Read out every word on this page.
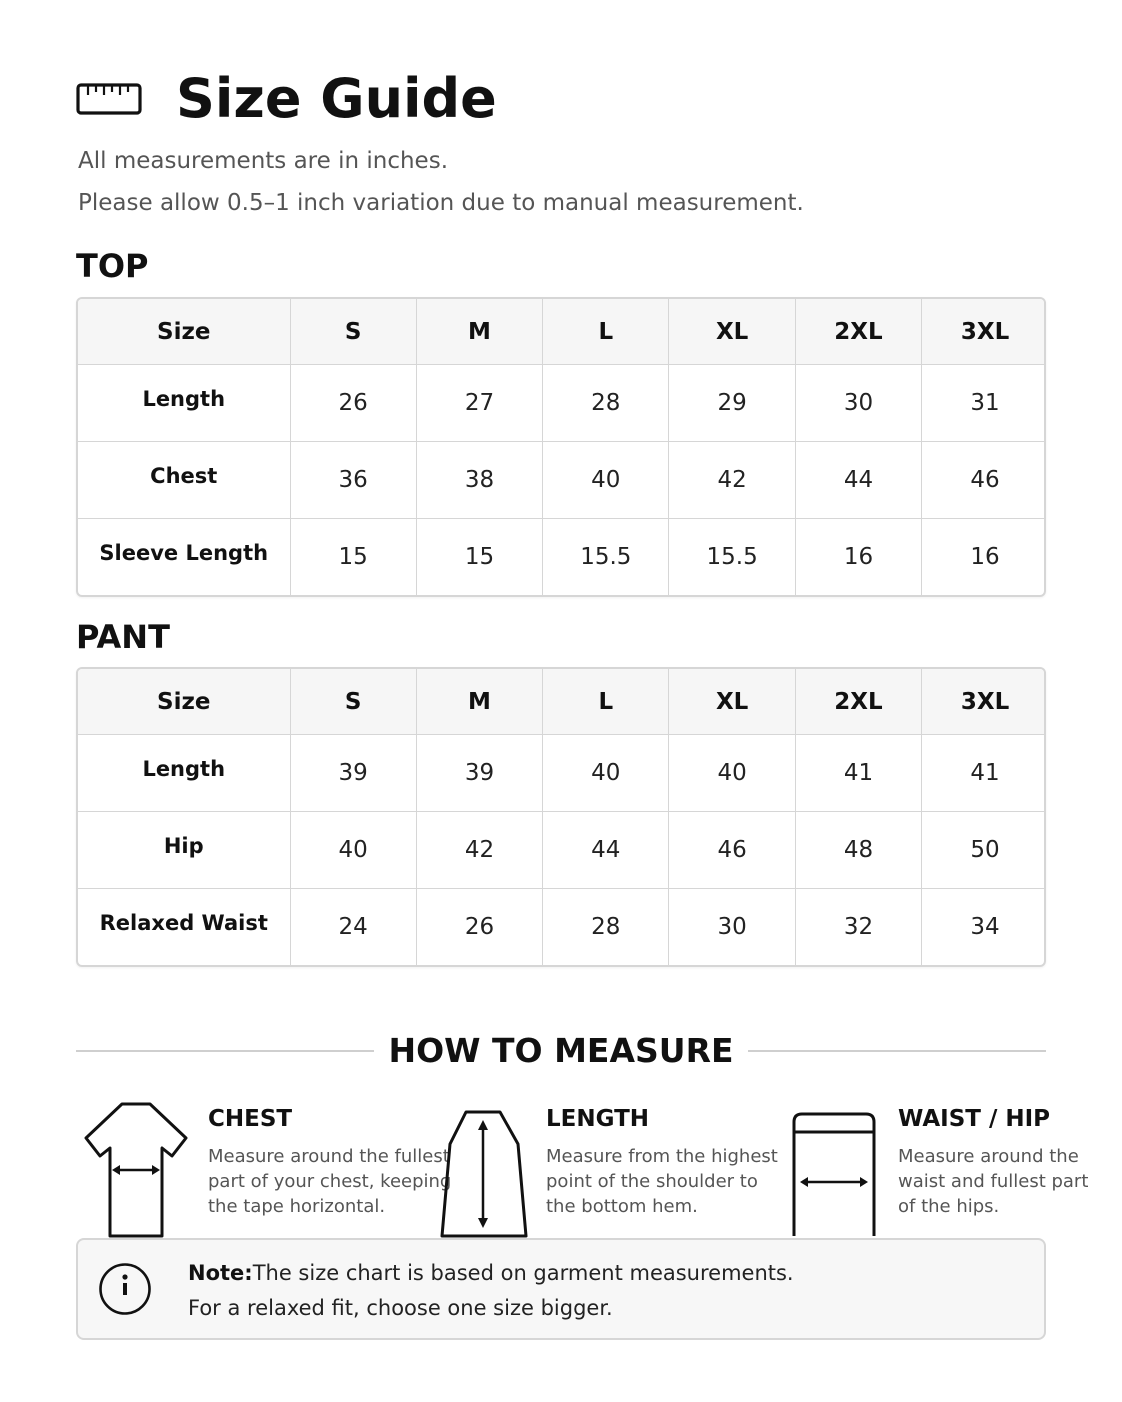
Size Guide
All measurements are in inches.
Please allow 0.5–1 inch variation due to manual measurement.
TOP
Size	S	M	L	XL	2XL	3XL
Length	26	27	28	29	30	31
Chest	36	38	40	42	44	46
Sleeve Length	15	15	15.5	15.5	16	16
PANT
Size	S	M	L	XL	2XL	3XL
Length	39	39	40	40	41	41
Hip	40	42	44	46	48	50
Relaxed Waist	24	26	28	30	32	34
HOW TO MEASURE
CHEST
Measure around the fullest part of your chest, keeping the tape horizontal.
LENGTH
Measure from the highest point of the shoulder to the bottom hem.
WAIST / HIP
Measure around the waist and fullest part of the hips.
Note:The size chart is based on garment measurements.
For a relaxed fit, choose one size bigger.
